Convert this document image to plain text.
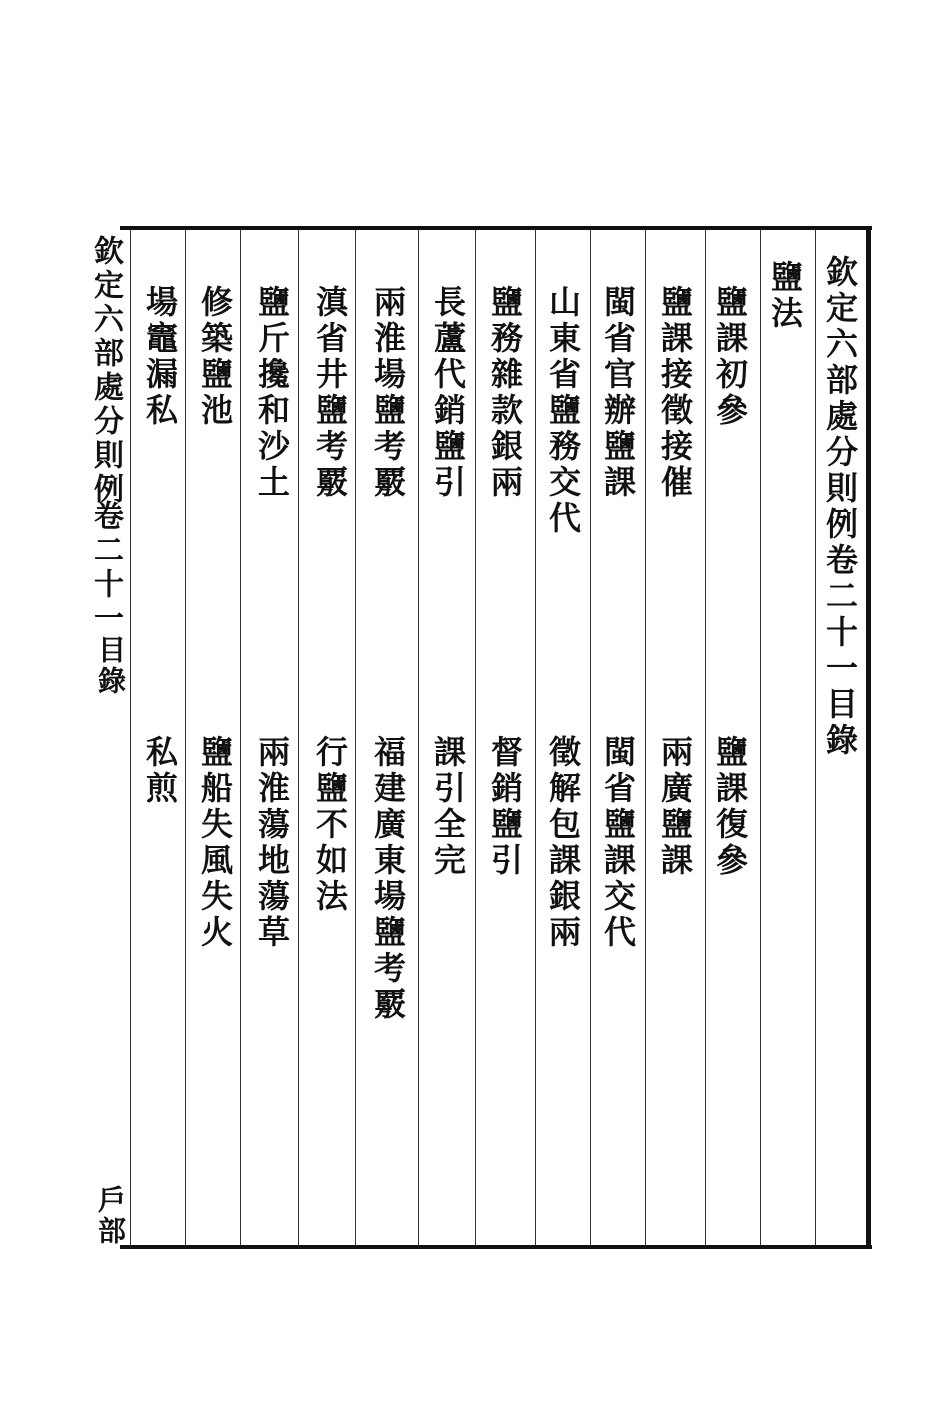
欽定六部處分則例卷二十一目錄
鹽法
鹽課初參
鹽課復參
鹽課接徵接催
兩廣鹽課
閩省官辦鹽課
閩省鹽課交代
山東省鹽務交代
徵解包課銀兩
鹽務雜款銀兩
督銷鹽引
長蘆代銷鹽引
課引全完
兩淮場鹽考覈
福建廣東場鹽考覈
滇省井鹽考覈
行鹽不如法
鹽斤攙和沙土
兩淮蕩地蕩草
修築鹽池
鹽船失風失火
場竈漏私
私煎
欽定六部處分則例
卷二十一
目錄
戶部
